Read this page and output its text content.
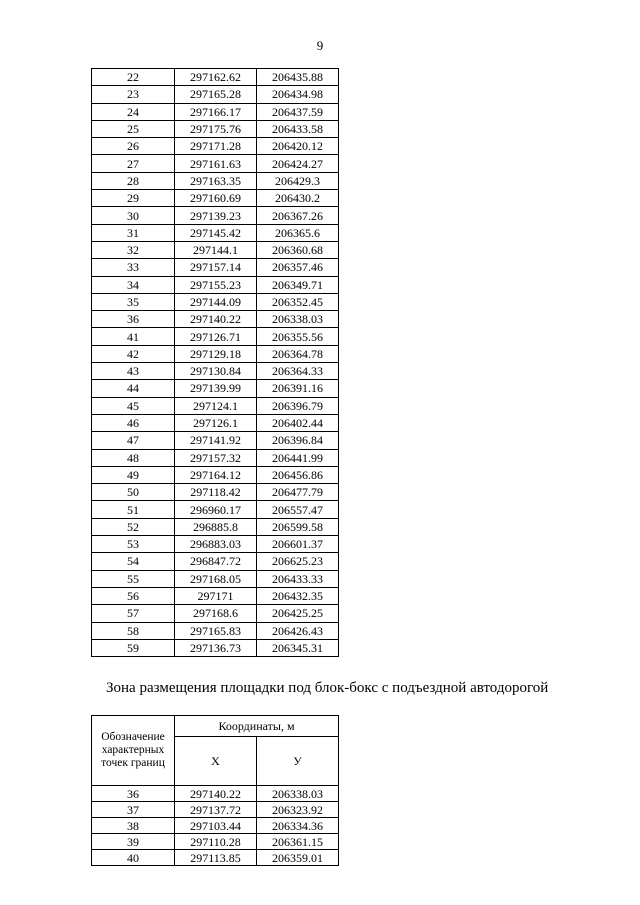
9
22	297162.62	206435.88
23	297165.28	206434.98
24	297166.17	206437.59
25	297175.76	206433.58
26	297171.28	206420.12
27	297161.63	206424.27
28	297163.35	206429.3
29	297160.69	206430.2
30	297139.23	206367.26
31	297145.42	206365.6
32	297144.1	206360.68
33	297157.14	206357.46
34	297155.23	206349.71
35	297144.09	206352.45
36	297140.22	206338.03
41	297126.71	206355.56
42	297129.18	206364.78
43	297130.84	206364.33
44	297139.99	206391.16
45	297124.1	206396.79
46	297126.1	206402.44
47	297141.92	206396.84
48	297157.32	206441.99
49	297164.12	206456.86
50	297118.42	206477.79
51	296960.17	206557.47
52	296885.8	206599.58
53	296883.03	206601.37
54	296847.72	206625.23
55	297168.05	206433.33
56	297171	206432.35
57	297168.6	206425.25
58	297165.83	206426.43
59	297136.73	206345.31
Зона размещения площадки под блок-бокс с подъездной автодорогой
Обозначение характерных точек границ	Координаты, м	
	Х	У
36	297140.22	206338.03
37	297137.72	206323.92
38	297103.44	206334.36
39	297110.28	206361.15
40	297113.85	206359.01
